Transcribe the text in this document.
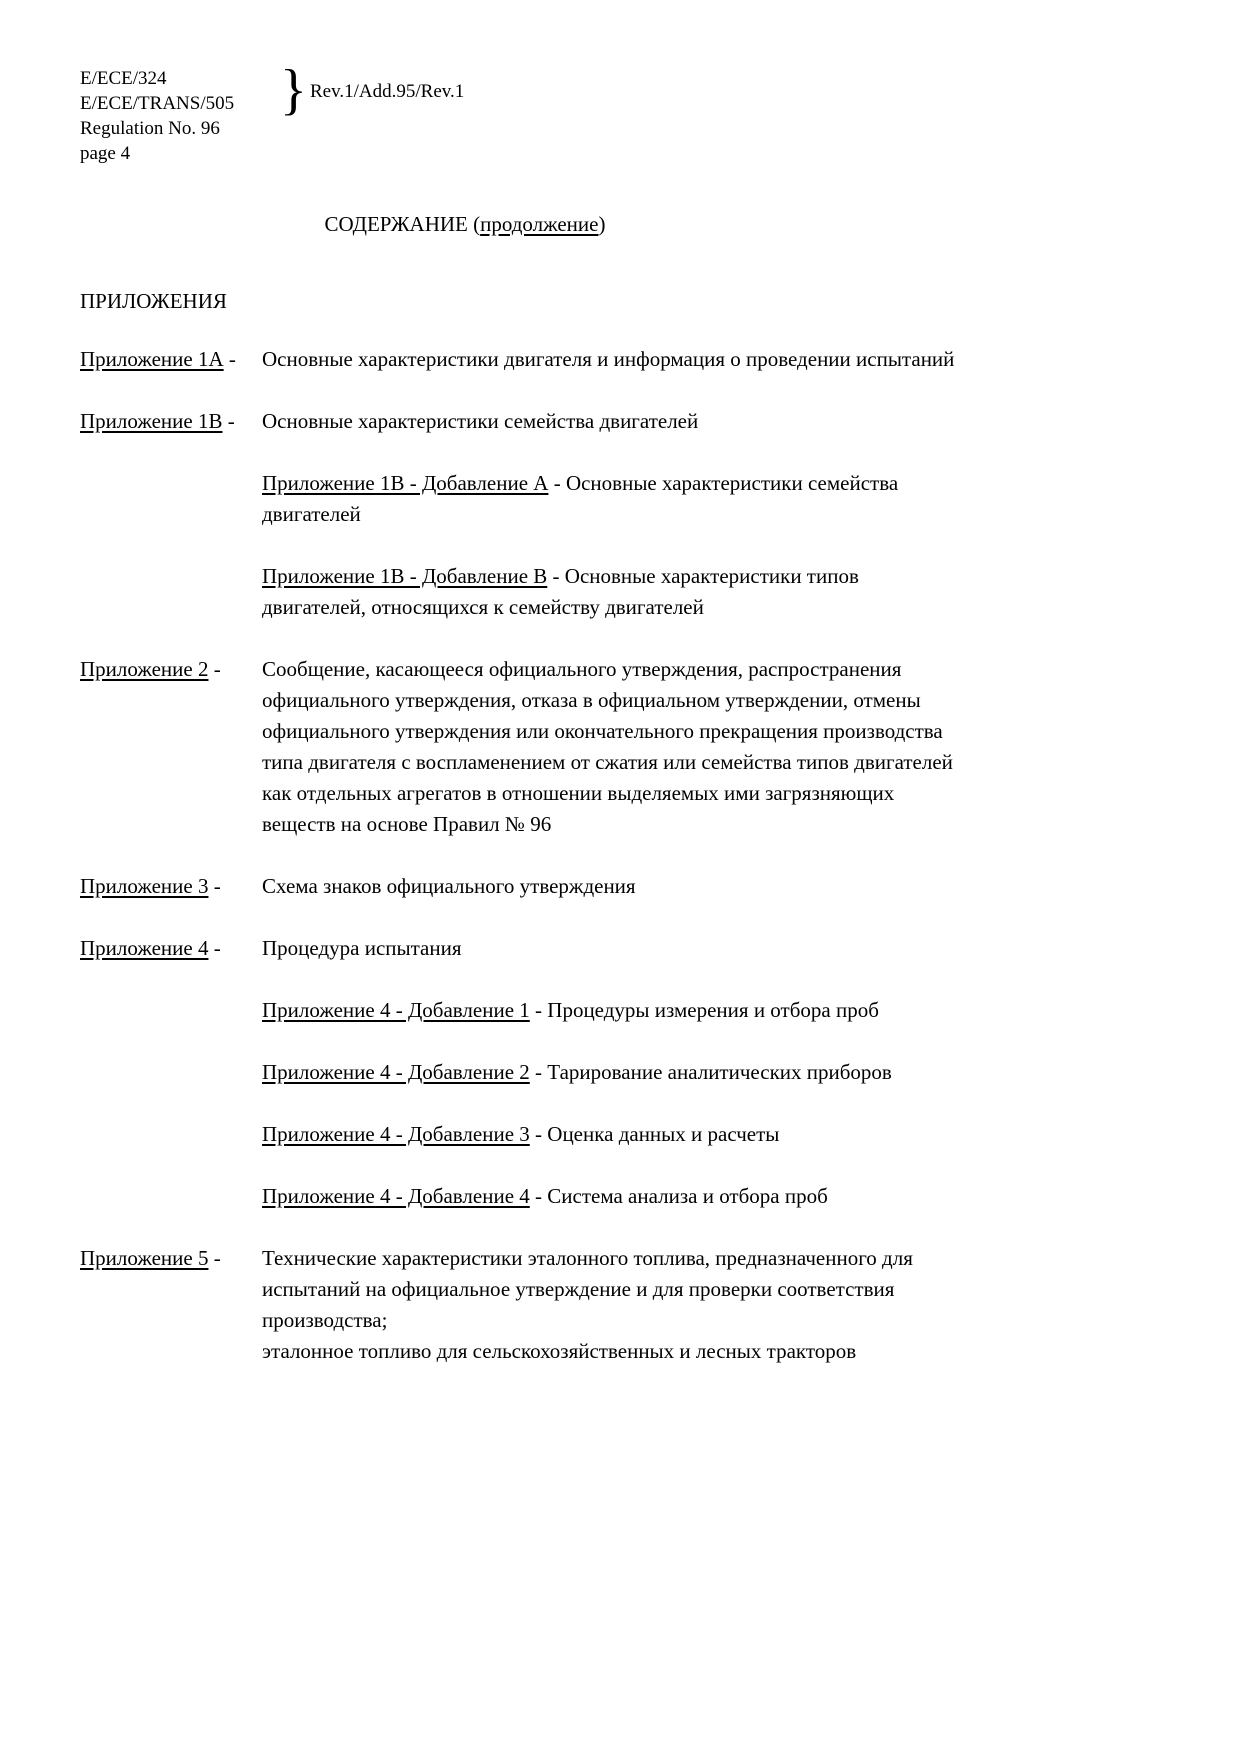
E/ECE/324
E/ECE/TRANS/505
Regulation No. 96
page 4
} Rev.1/Add.95/Rev.1
СОДЕРЖАНИЕ (продолжение)
ПРИЛОЖЕНИЯ
Приложение 1А -	Основные характеристики двигателя и информация о проведении испытаний
Приложение 1В -	Основные характеристики семейства двигателей
Приложение 1В - Добавление А - Основные характеристики семейства двигателей
Приложение 1В - Добавление В - Основные характеристики типов двигателей, относящихся к семейству двигателей
Приложение 2 -	Сообщение, касающееся официального утверждения, распространения официального утверждения, отказа в официальном утверждении, отмены официального утверждения или окончательного прекращения производства типа двигателя с воспламенением от сжатия или семейства типов двигателей как отдельных агрегатов в отношении выделяемых ими загрязняющих веществ на основе Правил № 96
Приложение 3 -	Схема знаков официального утверждения
Приложение 4 -	Процедура испытания
Приложение 4 - Добавление 1 - Процедуры измерения и отбора проб
Приложение 4 - Добавление 2 - Тарирование аналитических приборов
Приложение 4 - Добавление 3 - Оценка данных и расчеты
Приложение 4 - Добавление 4 - Система анализа и отбора проб
Приложение 5 -	Технические характеристики эталонного топлива, предназначенного для испытаний на официальное утверждение и для проверки соответствия производства;
эталонное топливо для сельскохозяйственных и лесных тракторов
